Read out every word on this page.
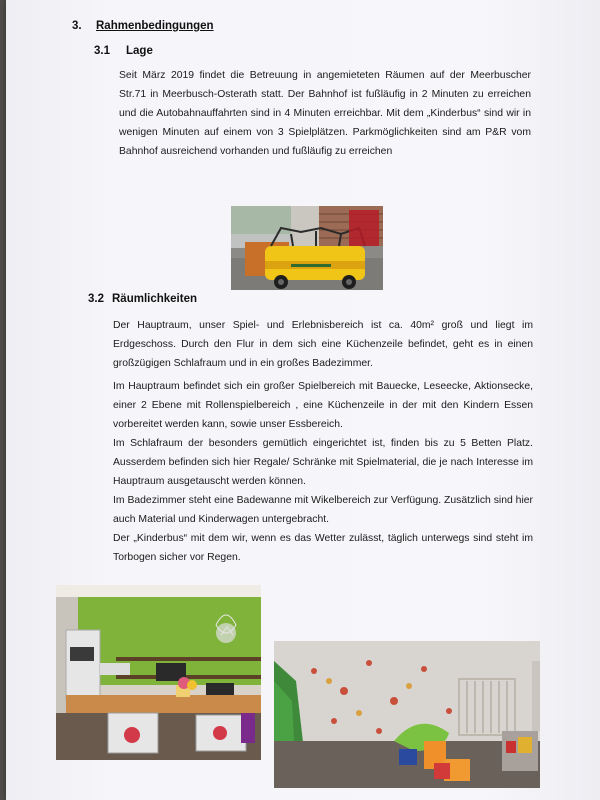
3. Rahmenbedingungen
3.1 Lage

Seit März 2019 findet die Betreuung in angemieteten Räumen auf der Meerbuscher Str.71 in Meerbusch-Osterath statt. Der Bahnhof ist fußläufig in 2 Minuten zu erreichen und die Autobahnauffahrten sind in 4 Minuten erreichbar. Mit dem „Kinderbus“ sind wir in wenigen Minuten auf einem von 3 Spielplätzen. Parkmöglichkeiten sind am P&R vom Bahnhof ausreichend vorhanden und fußläufig zu erreichen

3.2 Räumlichkeiten

Der Hauptraum, unser Spiel- und Erlebnisbereich ist ca. 40m² groß und liegt im Erdgeschoss. Durch den Flur in dem sich eine Küchenzeile befindet, geht es in einen großzügigen Schlafraum und in ein großes Badezimmer.

Im Hauptraum befindet sich ein großer Spielbereich mit Bauecke, Leseecke, Aktionsecke, einer 2 Ebene mit Rollenspielbereich , eine Küchenzeile in der mit den Kindern Essen vorbereitet werden kann, sowie unser Essbereich.

Im Schlafraum der besonders gemütlich eingerichtet ist, finden bis zu 5 Betten Platz. Ausserdem befinden sich hier Regale/ Schränke mit Spielmaterial, die je nach Interesse im Hauptraum ausgetauscht werden können.

Im Badezimmer steht eine Badewanne mit Wikelbereich zur Verfügung. Zusätzlich sind hier auch Material und Kinderwagen untergebracht.

Der „Kinderbus“ mit dem wir, wenn es das Wetter zulässt, täglich unterwegs sind steht im Torbogen sicher vor Regen.
